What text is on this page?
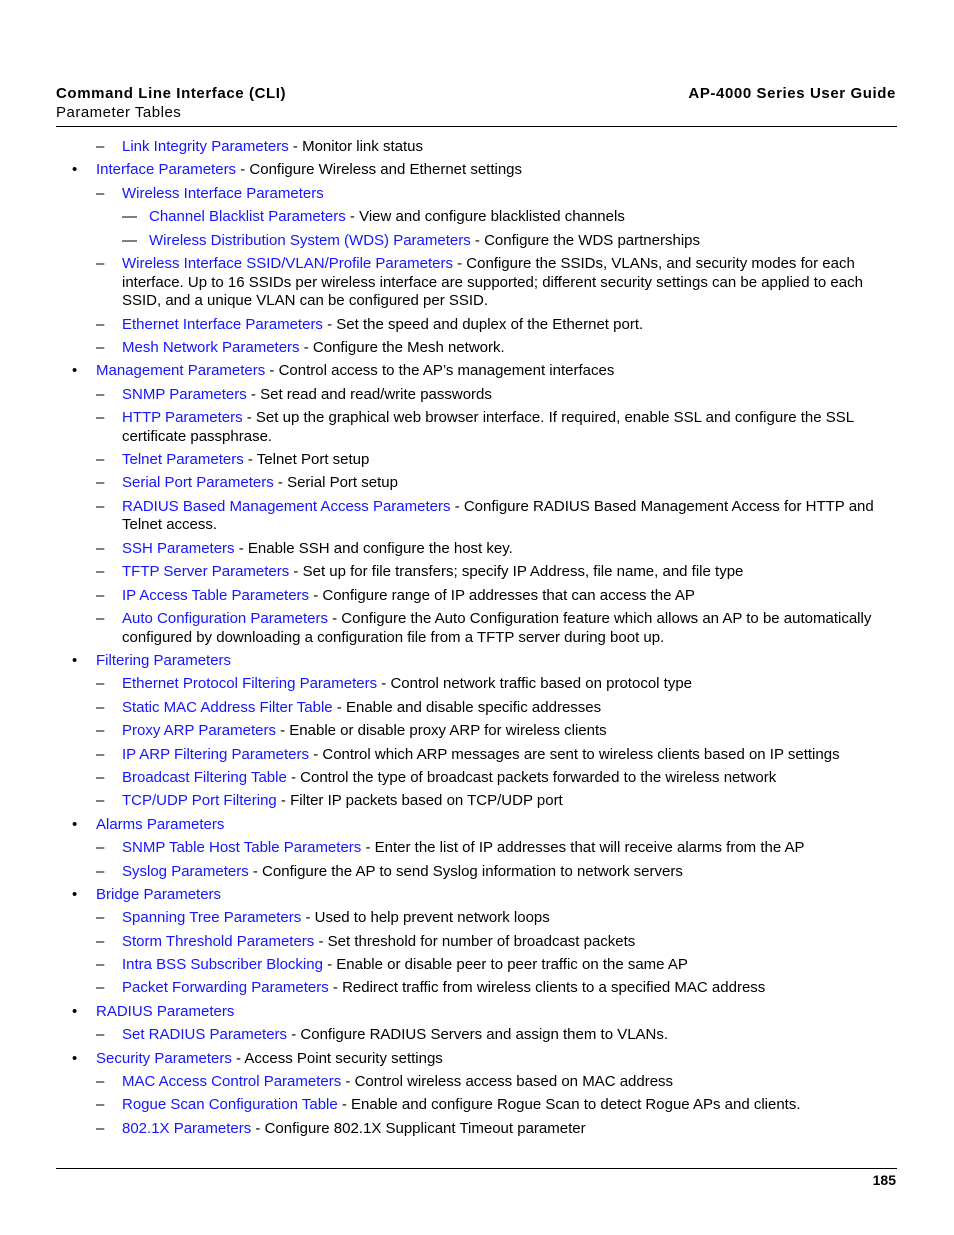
Command Line Interface (CLI)
Parameter Tables
AP-4000 Series User Guide
– Link Integrity Parameters - Monitor link status
• Interface Parameters - Configure Wireless and Ethernet settings
– Wireless Interface Parameters
— Channel Blacklist Parameters - View and configure blacklisted channels
— Wireless Distribution System (WDS) Parameters - Configure the WDS partnerships
– Wireless Interface SSID/VLAN/Profile Parameters - Configure the SSIDs, VLANs, and security modes for each interface. Up to 16 SSIDs per wireless interface are supported; different security settings can be applied to each SSID, and a unique VLAN can be configured per SSID.
– Ethernet Interface Parameters - Set the speed and duplex of the Ethernet port.
– Mesh Network Parameters - Configure the Mesh network.
• Management Parameters - Control access to the AP’s management interfaces
– SNMP Parameters - Set read and read/write passwords
– HTTP Parameters - Set up the graphical web browser interface. If required, enable SSL and configure the SSL certificate passphrase.
– Telnet Parameters - Telnet Port setup
– Serial Port Parameters - Serial Port setup
– RADIUS Based Management Access Parameters - Configure RADIUS Based Management Access for HTTP and Telnet access.
– SSH Parameters - Enable SSH and configure the host key.
– TFTP Server Parameters - Set up for file transfers; specify IP Address, file name, and file type
– IP Access Table Parameters - Configure range of IP addresses that can access the AP
– Auto Configuration Parameters - Configure the Auto Configuration feature which allows an AP to be automatically configured by downloading a configuration file from a TFTP server during boot up.
• Filtering Parameters
– Ethernet Protocol Filtering Parameters - Control network traffic based on protocol type
– Static MAC Address Filter Table - Enable and disable specific addresses
– Proxy ARP Parameters - Enable or disable proxy ARP for wireless clients
– IP ARP Filtering Parameters - Control which ARP messages are sent to wireless clients based on IP settings
– Broadcast Filtering Table - Control the type of broadcast packets forwarded to the wireless network
– TCP/UDP Port Filtering - Filter IP packets based on TCP/UDP port
• Alarms Parameters
– SNMP Table Host Table Parameters - Enter the list of IP addresses that will receive alarms from the AP
– Syslog Parameters - Configure the AP to send Syslog information to network servers
• Bridge Parameters
– Spanning Tree Parameters - Used to help prevent network loops
– Storm Threshold Parameters - Set threshold for number of broadcast packets
– Intra BSS Subscriber Blocking - Enable or disable peer to peer traffic on the same AP
– Packet Forwarding Parameters - Redirect traffic from wireless clients to a specified MAC address
• RADIUS Parameters
– Set RADIUS Parameters - Configure RADIUS Servers and assign them to VLANs.
• Security Parameters - Access Point security settings
– MAC Access Control Parameters - Control wireless access based on MAC address
– Rogue Scan Configuration Table - Enable and configure Rogue Scan to detect Rogue APs and clients.
– 802.1X Parameters - Configure 802.1X Supplicant Timeout parameter
185
